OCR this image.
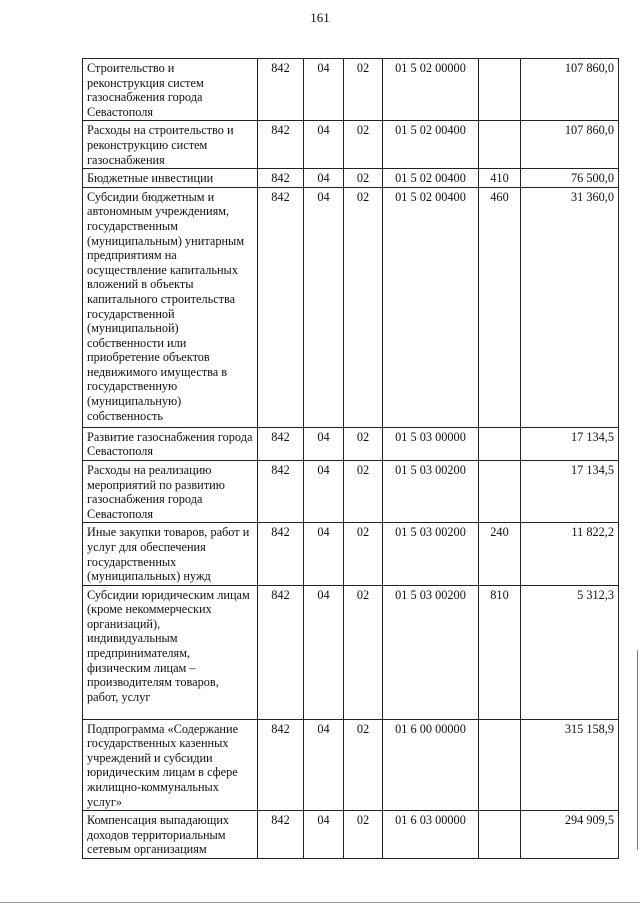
161
Строительство и реконструкция систем газоснабжения города Севастополя	842	04	02	01 5 02 00000		107 860,0
Расходы на строительство и реконструкцию систем газоснабжения	842	04	02	01 5 02 00400		107 860,0
Бюджетные инвестиции	842	04	02	01 5 02 00400	410	76 500,0
Субсидии бюджетным и автономным учреждениям, государственным (муниципальным) унитарным предприятиям на осуществление капитальных вложений в объекты капитального строительства государственной (муниципальной) собственности или приобретение объектов недвижимого имущества в государственную (муниципальную) собственность	842	04	02	01 5 02 00400	460	31 360,0
Развитие газоснабжения города Севастополя	842	04	02	01 5 03 00000		17 134,5
Расходы на реализацию мероприятий по развитию газоснабжения города Севастополя	842	04	02	01 5 03 00200		17 134,5
Иные закупки товаров, работ и услуг для обеспечения государственных (муниципальных) нужд	842	04	02	01 5 03 00200	240	11 822,2
Субсидии юридическим лицам (кроме некоммерческих организаций), индивидуальным предпринимателям, физическим лицам – производителям товаров, работ, услуг	842	04	02	01 5 03 00200	810	5 312,3
Подпрограмма «Содержание государственных казенных учреждений и субсидии юридическим лицам в сфере жилищно-коммунальных услуг»	842	04	02	01 6 00 00000		315 158,9
Компенсация выпадающих доходов территориальным сетевым организациям	842	04	02	01 6 03 00000		294 909,5
